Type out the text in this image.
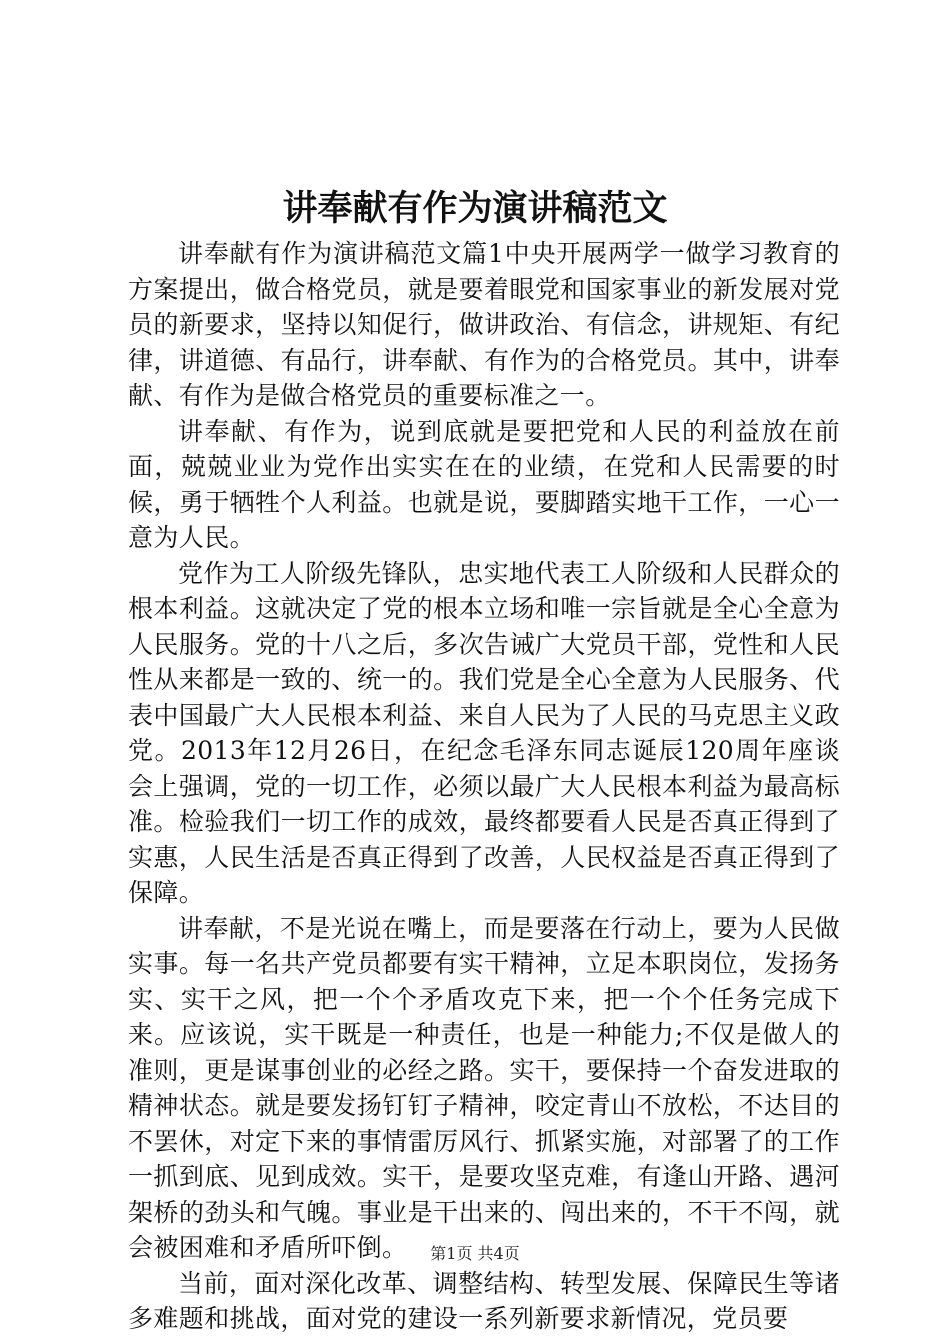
讲奉献有作为演讲稿范文

讲奉献有作为演讲稿范文篇1中央开展两学一做学习教育的方案提出，做合格党员，就是要着眼党和国家事业的新发展对党员的新要求，坚持以知促行，做讲政治、有信念，讲规矩、有纪律，讲道德、有品行，讲奉献、有作为的合格党员。其中，讲奉献、有作为是做合格党员的重要标准之一。

讲奉献、有作为，说到底就是要把党和人民的利益放在前面，兢兢业业为党作出实实在在的业绩，在党和人民需要的时候，勇于牺牲个人利益。也就是说，要脚踏实地干工作，一心一意为人民。

党作为工人阶级先锋队，忠实地代表工人阶级和人民群众的根本利益。这就决定了党的根本立场和唯一宗旨就是全心全意为人民服务。党的十八之后，多次告诫广大党员干部，党性和人民性从来都是一致的、统一的。我们党是全心全意为人民服务、代表中国最广大人民根本利益、来自人民为了人民的马克思主义政党。2013年12月26日，在纪念毛泽东同志诞辰120周年座谈会上强调，党的一切工作，必须以最广大人民根本利益为最高标准。检验我们一切工作的成效，最终都要看人民是否真正得到了实惠，人民生活是否真正得到了改善，人民权益是否真正得到了保障。

讲奉献，不是光说在嘴上，而是要落在行动上，要为人民做实事。每一名共产党员都要有实干精神，立足本职岗位，发扬务实、实干之风，把一个个矛盾攻克下来，把一个个任务完成下来。应该说，实干既是一种责任，也是一种能力;不仅是做人的准则，更是谋事创业的必经之路。实干，要保持一个奋发进取的精神状态。就是要发扬钉钉子精神，咬定青山不放松，不达目的不罢休，对定下来的事情雷厉风行、抓紧实施，对部署了的工作一抓到底、见到成效。实干，是要攻坚克难，有逢山开路、遇河架桥的劲头和气魄。事业是干出来的、闯出来的，不干不闯，就会被困难和矛盾所吓倒。

当前，面对深化改革、调整结构、转型发展、保障民生等诸多难题和挑战，面对党的建设一系列新要求新情况，党员要

第1页 共4页
